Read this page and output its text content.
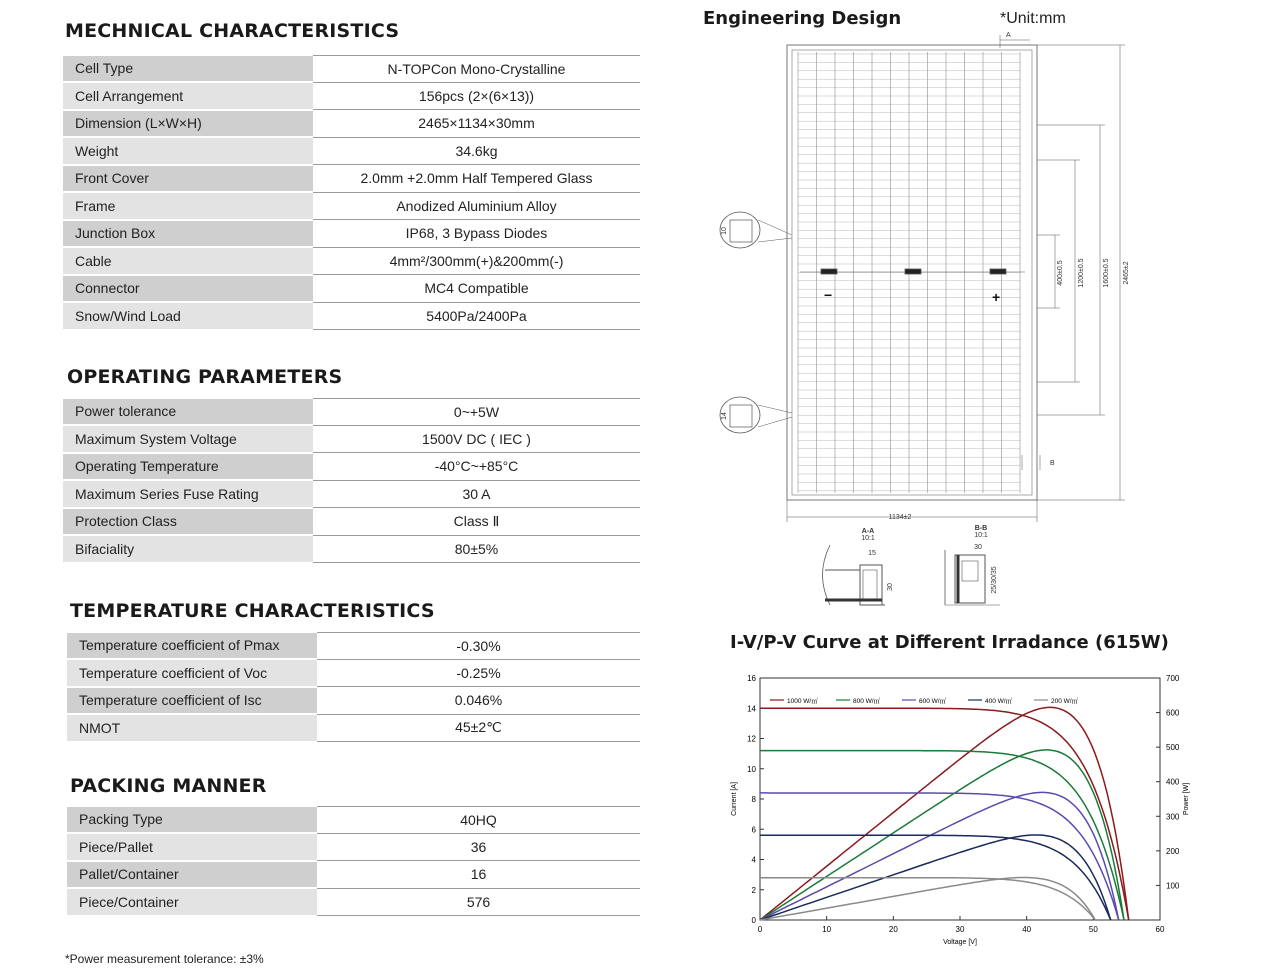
MECHNICAL CHARACTERISTICS
Cell Type	N-TOPCon Mono-Crystalline
Cell Arrangement	156pcs (2×(6×13))
Dimension (L×W×H)	2465×1134×30mm
Weight	34.6kg
Front Cover	2.0mm +2.0mm Half Tempered Glass
Frame	Anodized Aluminium Alloy
Junction Box	IP68, 3 Bypass Diodes
Cable	4mm²/300mm(+)&200mm(-)
Connector	MC4 Compatible
Snow/Wind Load	5400Pa/2400Pa
OPERATING PARAMETERS
Power tolerance	0~+5W
Maximum System Voltage	1500V DC ( IEC )
Operating Temperature	-40°C~+85°C
Maximum Series Fuse Rating	30 A
Protection Class	Class Ⅱ
Bifaciality	80±5%
TEMPERATURE CHARACTERISTICS
Temperature coefficient of Pmax	-0.30%
Temperature coefficient of Voc	-0.25%
Temperature coefficient of Isc	0.046%
NMOT	45±2℃
PACKING MANNER
Packing Type	40HQ
Piece/Pallet	36
Pallet/Container	16
Piece/Container	576
*Power measurement tolerance: ±3%
Engineering Design	*Unit:mm
1134±2
2465±2
1600±0.5
1200±0.5
400±0.5
10
14
A
B
A-A
10:1
B-B
10:1
15
30
30
25/30/35
−	+
I-V/P-V Curve at Different Irradance (615W)
0	10	20	30	40	50	60
0
2
4
6
8
10
12
14
16
100
200
300
400
500
600
700
Voltage [V]
Current [A]	Power [W]
1000 W/㎡	800 W/㎡	600 W/㎡	400 W/㎡	200 W/㎡
